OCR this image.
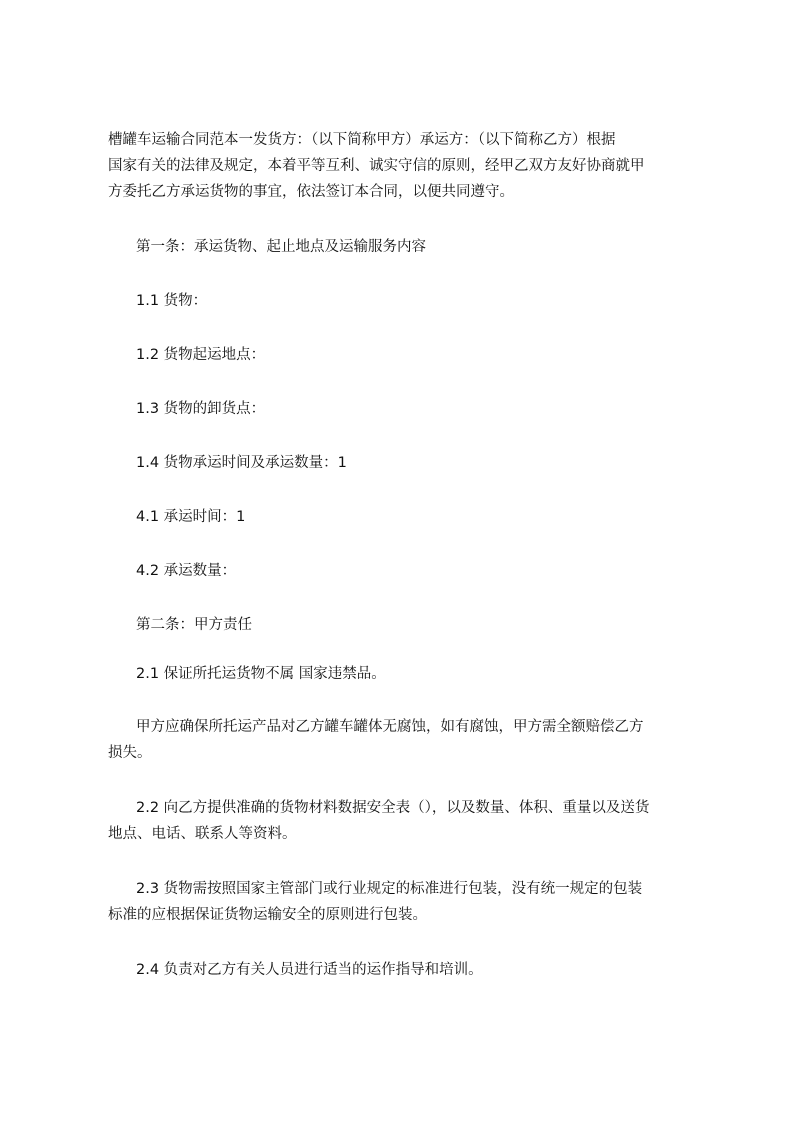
槽罐车运输合同范本一发货方：（以下简称甲方）承运方：（以下简称乙方）根据
国家有关的法律及规定，本着平等互利、诚实守信的原则，经甲乙双方友好协商就甲
方委托乙方承运货物的事宜，依法签订本合同，以便共同遵守。

第一条：承运货物、起止地点及运输服务内容

1.1 货物：

1.2 货物起运地点：

1.3 货物的卸货点：

1.4 货物承运时间及承运数量：1

4.1 承运时间：1

4.2 承运数量：

第二条：甲方责任

2.1 保证所托运货物不属 国家违禁品。

甲方应确保所托运产品对乙方罐车罐体无腐蚀，如有腐蚀，甲方需全额赔偿乙方
损失。
2.2 向乙方提供准确的货物材料数据安全表（），以及数量、体积、重量以及送货
地点、电话、联系人等资料。
2.3 货物需按照国家主管部门或行业规定的标准进行包装，没有统一规定的包装
标准的应根据保证货物运输安全的原则进行包装。

2.4 负责对乙方有关人员进行适当的运作指导和培训。
